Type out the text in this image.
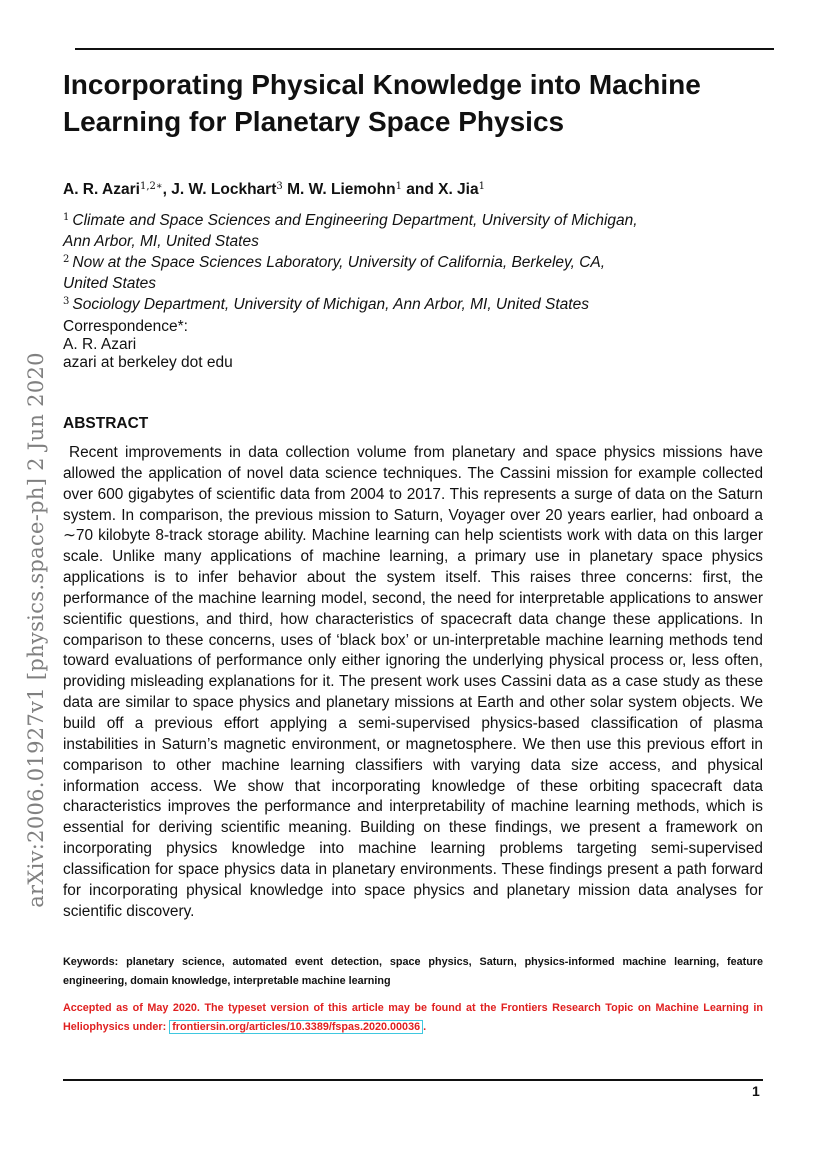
arXiv:2006.01927v1 [physics.space-ph] 2 Jun 2020
Incorporating Physical Knowledge into Machine Learning for Planetary Space Physics
A. R. Azari$^{1,2∗}$, J. W. Lockhart$^3$ M. W. Liemohn$^1$ and X. Jia$^1$
$^1$ Climate and Space Sciences and Engineering Department, University of Michigan,
Ann Arbor, MI, United States
$^2$ Now at the Space Sciences Laboratory, University of California, Berkeley, CA,
United States
$^3$ Sociology Department, University of Michigan, Ann Arbor, MI, United States
Correspondence*:
A. R. Azari
azari at berkeley dot edu
ABSTRACT

Recent improvements in data collection volume from planetary and space physics missions have allowed the application of novel data science techniques. The Cassini mission for example collected over 600 gigabytes of scientific data from 2004 to 2017. This represents a surge of data on the Saturn system. In comparison, the previous mission to Saturn, Voyager over 20 years earlier, had onboard a ∼70 kilobyte 8-track storage ability. Machine learning can help scientists work with data on this larger scale. Unlike many applications of machine learning, a primary use in planetary space physics applications is to infer behavior about the system itself. This raises three concerns: first, the performance of the machine learning model, second, the need for interpretable applications to answer scientific questions, and third, how characteristics of spacecraft data change these applications. In comparison to these concerns, uses of ‘black box’ or un-interpretable machine learning methods tend toward evaluations of performance only either ignoring the underlying physical process or, less often, providing misleading explanations for it. The present work uses Cassini data as a case study as these data are similar to space physics and planetary missions at Earth and other solar system objects. We build off a previous effort applying a semi-supervised physics-based classification of plasma instabilities in Saturn’s magnetic environment, or magnetosphere. We then use this previous effort in comparison to other machine learning classifiers with varying data size access, and physical information access. We show that incorporating knowledge of these orbiting spacecraft data characteristics improves the performance and interpretability of machine learning methods, which is essential for deriving scientific meaning. Building on these findings, we present a framework on incorporating physics knowledge into machine learning problems targeting semi-supervised classification for space physics data in planetary environments. These findings present a path forward for incorporating physical knowledge into space physics and planetary mission data analyses for scientific discovery.

Keywords: planetary science, automated event detection, space physics, Saturn, physics-informed machine learning, feature engineering, domain knowledge, interpretable machine learning

Accepted as of May 2020. The typeset version of this article may be found at the Frontiers Research Topic on Machine Learning in Heliophysics under: frontiersin.org/articles/10.3389/fspas.2020.00036 .

1
